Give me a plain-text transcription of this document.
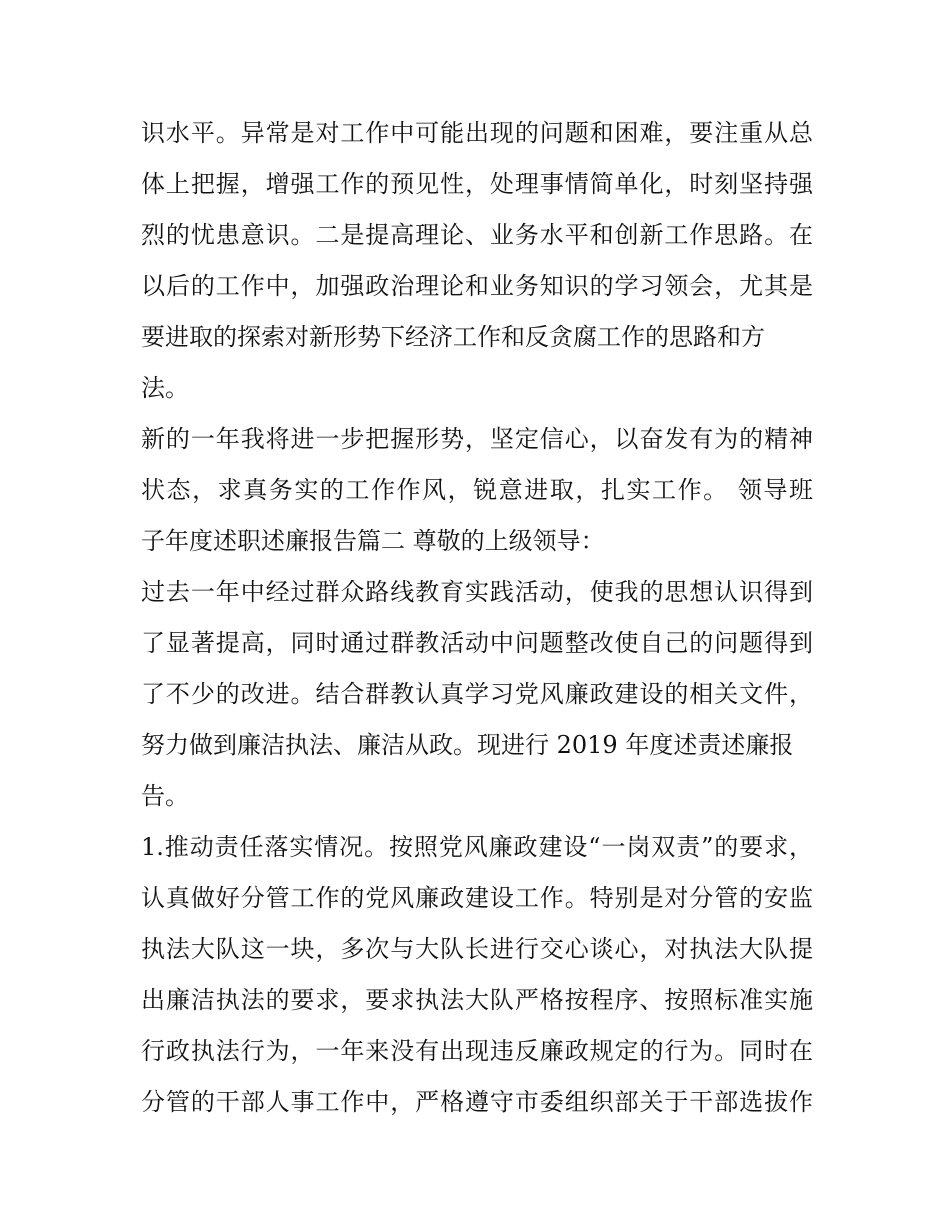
识水平。异常是对工作中可能出现的问题和困难，要注重从总
体上把握，增强工作的预见性，处理事情简单化，时刻坚持强
烈的忧患意识。二是提高理论、业务水平和创新工作思路。在
以后的工作中，加强政治理论和业务知识的学习领会，尤其是
要进取的探索对新形势下经济工作和反贪腐工作的思路和方
法。
新的一年我将进一步把握形势，坚定信心，以奋发有为的精神
状态，求真务实的工作作风，锐意进取，扎实工作。 领导班
子年度述职述廉报告篇二 尊敬的上级领导：
过去一年中经过群众路线教育实践活动，使我的思想认识得到
了显著提高，同时通过群教活动中问题整改使自己的问题得到
了不少的改进。结合群教认真学习党风廉政建设的相关文件，
努力做到廉洁执法、廉洁从政。现进行 2019 年度述责述廉报
告。
1.推动责任落实情况。按照党风廉政建设“一岗双责”的要求，
认真做好分管工作的党风廉政建设工作。特别是对分管的安监
执法大队这一块，多次与大队长进行交心谈心，对执法大队提
出廉洁执法的要求，要求执法大队严格按程序、按照标准实施
行政执法行为，一年来没有出现违反廉政规定的行为。同时在
分管的干部人事工作中，严格遵守市委组织部关于干部选拔作
